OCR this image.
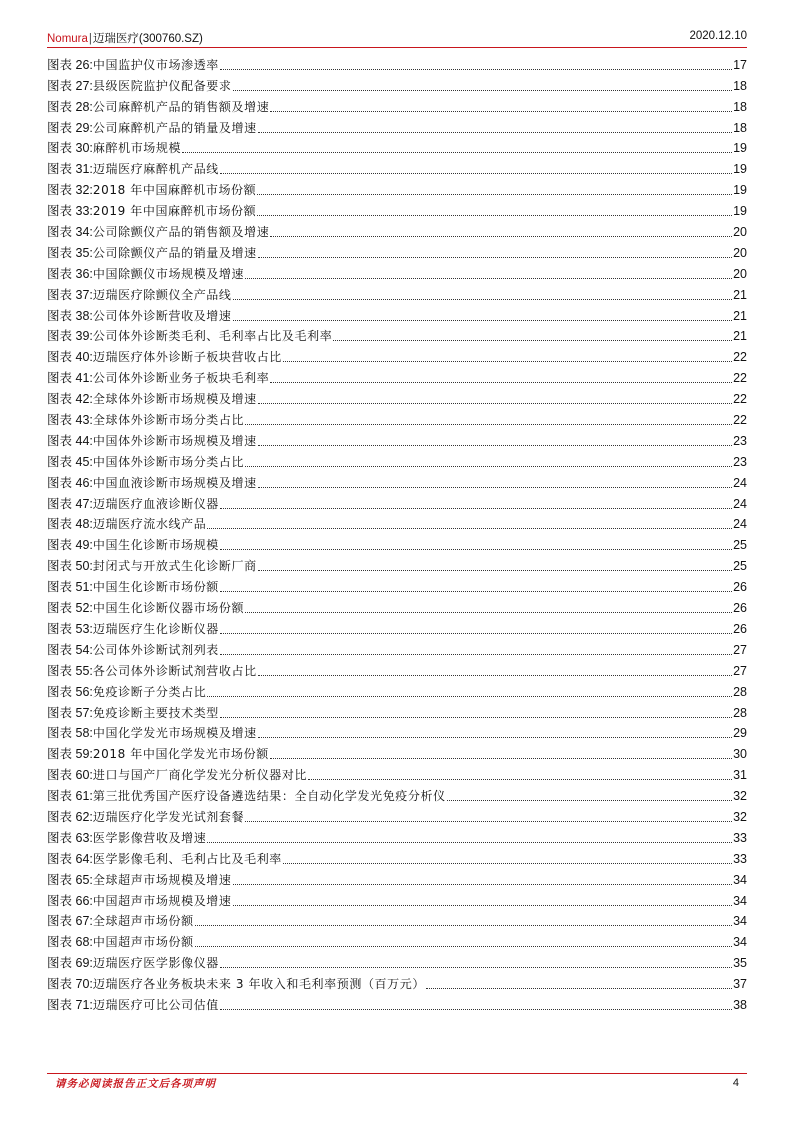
Nomura|迈瑞医疗(300760.SZ)	2020.12.10
图表 26: 中国监护仪市场渗透率	17
图表 27: 县级医院监护仪配备要求	18
图表 28: 公司麻醉机产品的销售额及增速	18
图表 29: 公司麻醉机产品的销量及增速	18
图表 30: 麻醉机市场规模	19
图表 31: 迈瑞医疗麻醉机产品线	19
图表 32: 2018 年中国麻醉机市场份额	19
图表 33: 2019 年中国麻醉机市场份额	19
图表 34: 公司除颤仪产品的销售额及增速	20
图表 35: 公司除颤仪产品的销量及增速	20
图表 36: 中国除颤仪市场规模及增速	20
图表 37: 迈瑞医疗除颤仪全产品线	21
图表 38: 公司体外诊断营收及增速	21
图表 39: 公司体外诊断类毛利、毛利率占比及毛利率	21
图表 40: 迈瑞医疗体外诊断子板块营收占比	22
图表 41: 公司体外诊断业务子板块毛利率	22
图表 42: 全球体外诊断市场规模及增速	22
图表 43: 全球体外诊断市场分类占比	22
图表 44: 中国体外诊断市场规模及增速	23
图表 45: 中国体外诊断市场分类占比	23
图表 46: 中国血液诊断市场规模及增速	24
图表 47: 迈瑞医疗血液诊断仪器	24
图表 48: 迈瑞医疗流水线产品	24
图表 49: 中国生化诊断市场规模	25
图表 50: 封闭式与开放式生化诊断厂商	25
图表 51: 中国生化诊断市场份额	26
图表 52: 中国生化诊断仪器市场份额	26
图表 53: 迈瑞医疗生化诊断仪器	26
图表 54: 公司体外诊断试剂列表	27
图表 55: 各公司体外诊断试剂营收占比	27
图表 56: 免疫诊断子分类占比	28
图表 57: 免疫诊断主要技术类型	28
图表 58: 中国化学发光市场规模及增速	29
图表 59: 2018 年中国化学发光市场份额	30
图表 60: 进口与国产厂商化学发光分析仪器对比	31
图表 61: 第三批优秀国产医疗设备遴选结果：全自动化学发光免疫分析仪	32
图表 62: 迈瑞医疗化学发光试剂套餐	32
图表 63: 医学影像营收及增速	33
图表 64: 医学影像毛利、毛利占比及毛利率	33
图表 65: 全球超声市场规模及增速	34
图表 66: 中国超声市场规模及增速	34
图表 67: 全球超声市场份额	34
图表 68: 中国超声市场份额	34
图表 69: 迈瑞医疗医学影像仪器	35
图表 70: 迈瑞医疗各业务板块未来 3 年收入和毛利率预测（百万元）	37
图表 71: 迈瑞医疗可比公司估值	38
请务必阅读报告正文后各项声明	4
